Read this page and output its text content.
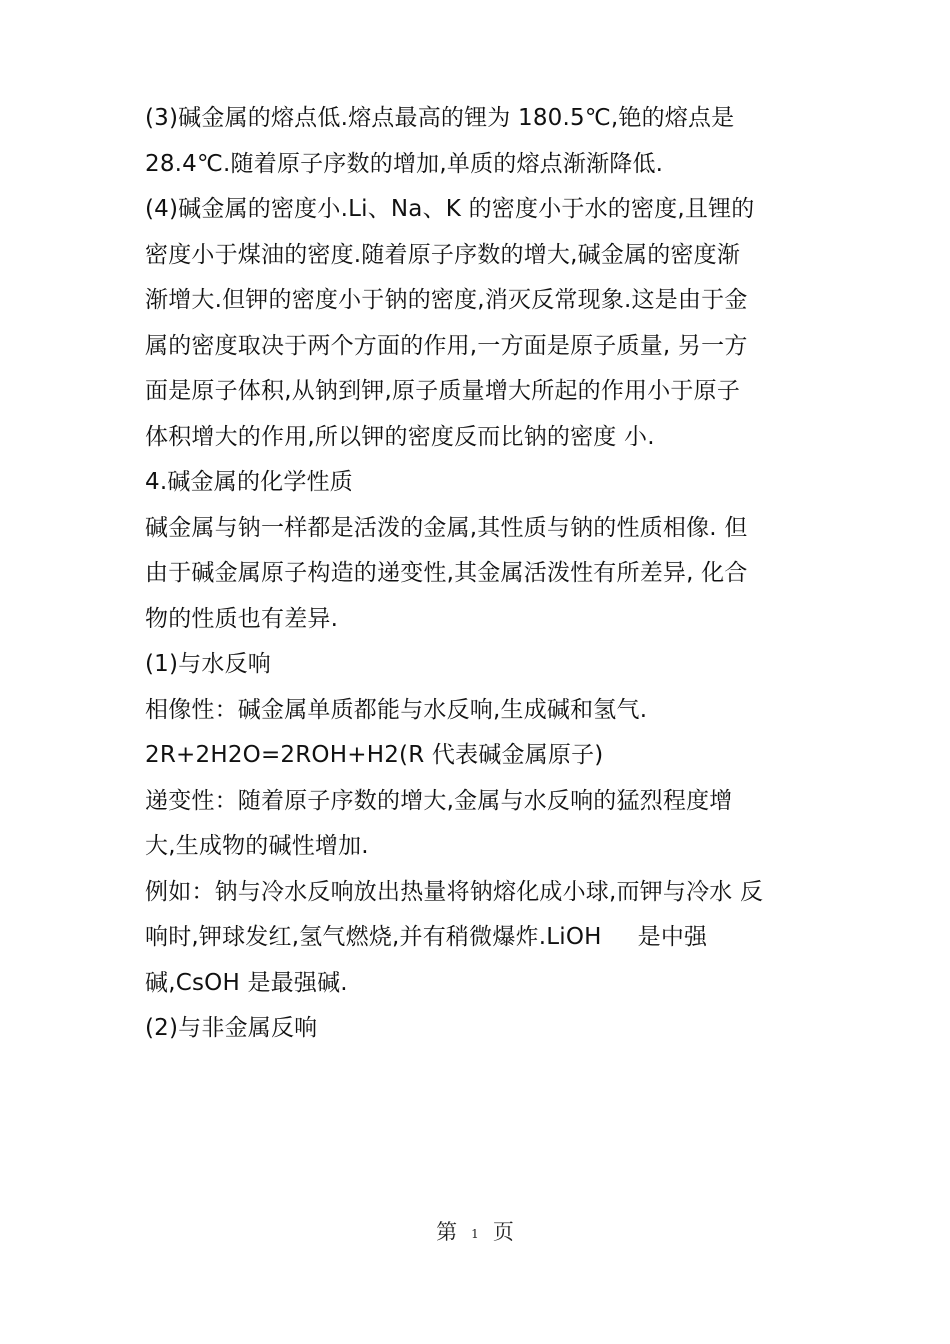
(3)碱金属的熔点低.熔点最高的锂为 180.5℃,铯的熔点是
28.4℃.随着原子序数的增加,单质的熔点渐渐降低.
(4)碱金属的密度小.Li、Na、K 的密度小于水的密度,且锂的
密度小于煤油的密度.随着原子序数的增大,碱金属的密度渐
渐增大.但钾的密度小于钠的密度,消灭反常现象.这是由于金
属的密度取决于两个方面的作用,一方面是原子质量, 另一方
面是原子体积,从钠到钾,原子质量增大所起的作用小于原子
体积增大的作用,所以钾的密度反而比钠的密度 小.
4.碱金属的化学性质
碱金属与钠一样都是活泼的金属,其性质与钠的性质相像. 但
由于碱金属原子构造的递变性,其金属活泼性有所差异, 化合
物的性质也有差异.
(1)与水反响
相像性：碱金属单质都能与水反响,生成碱和氢气.
2R+2H2O=2ROH+H2(R 代表碱金属原子)
递变性：随着原子序数的增大,金属与水反响的猛烈程度增
大,生成物的碱性增加.
例如：钠与冷水反响放出热量将钠熔化成小球,而钾与冷水 反
响时,钾球发红,氢气燃烧,并有稍微爆炸.LiOH 是中强
碱,CsOH 是最强碱.
(2)与非金属反响
第 1 页
